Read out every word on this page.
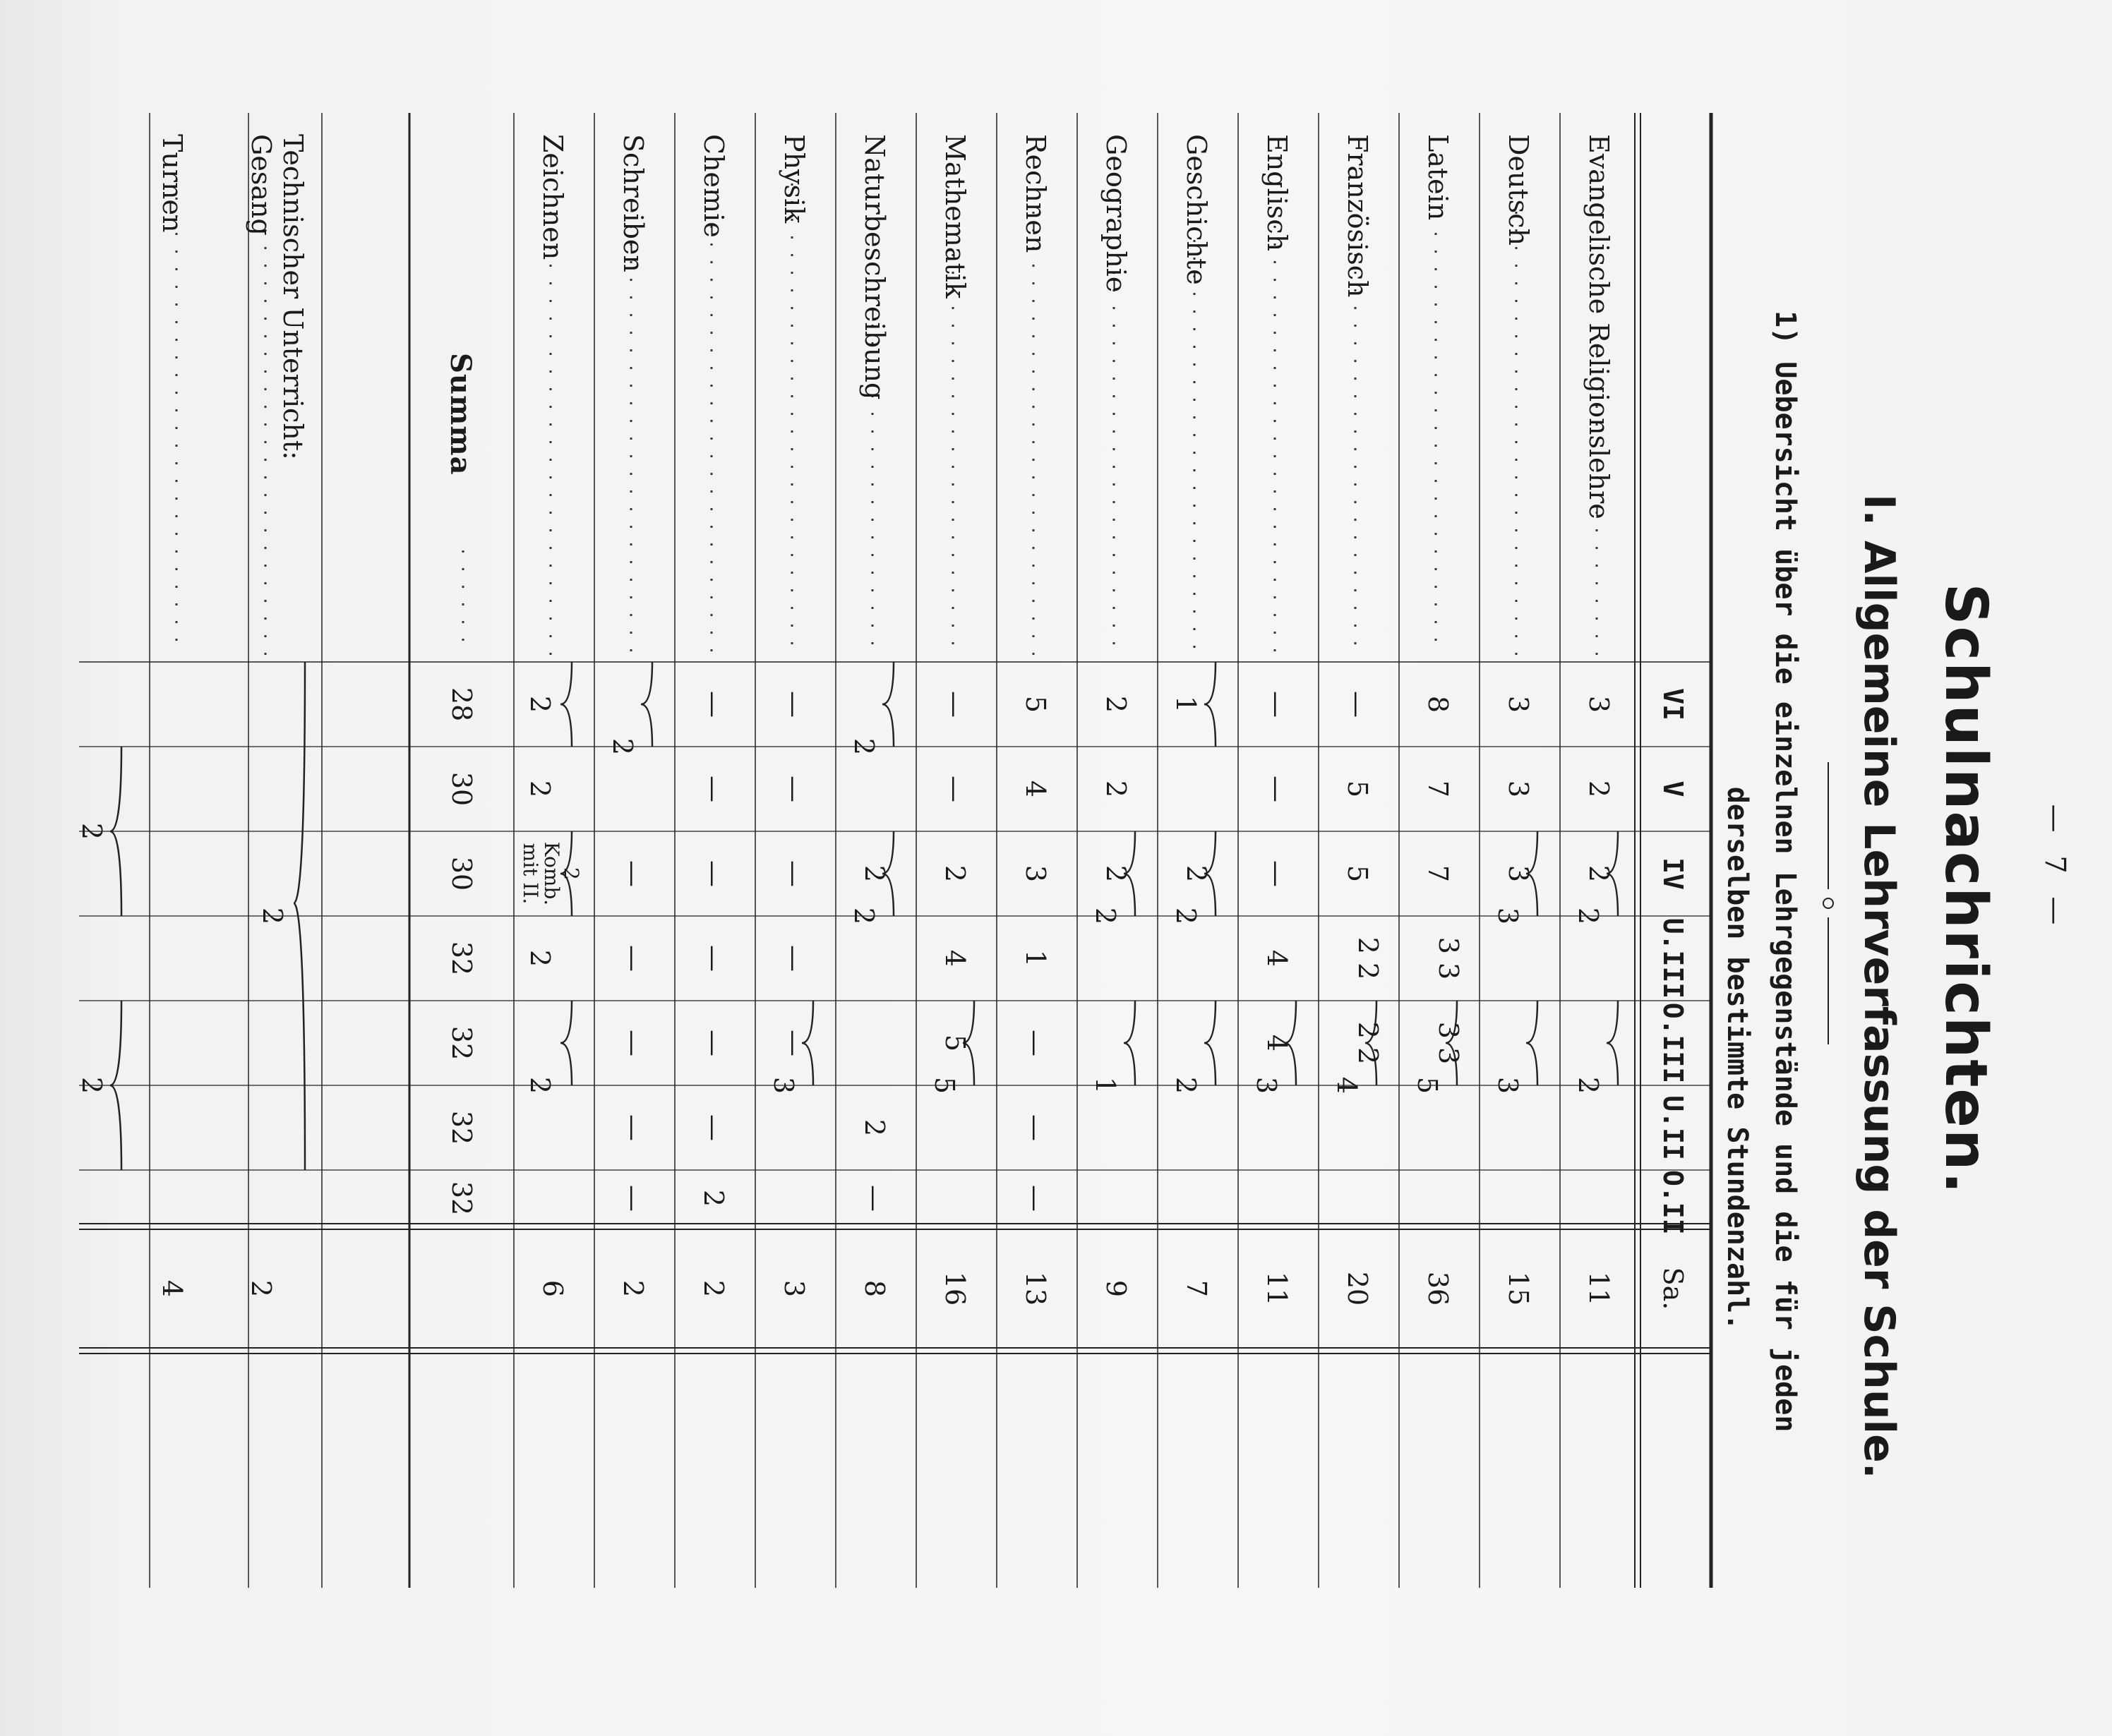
— 7 —
Schulnachrichten.
I. Allgemeine Lehrverfassung der Schule.
1) Uebersicht über die einzelnen Lehrgegenstände und die für jeden
derselben bestimmte Stundenzahl.
VI
V
IV
U.III
O.III
U.II
O.II
Sa.
Evangelische Religionslehre
Deutsch
Latein
Französisch
Englisch
Geschichte
Geographie
Rechnen
Mathematik
Naturbeschreibung
Physik
Chemie
Schreiben
Zeichnen
3
2
2
2
2
11
3
3
3
3
3
15
8
7
7
3 3
3 3
5
36
—
5
5
2 2
2 2
4
20
—
—
—
4
4
3
11
1
2
2
2
7
2
2
2
2
1
9
5
4
3
1
—
—
—
13
—
—
2
4
5
5
16
2
2
2
2
—
8
—
—
—
—
—
3
3
—
—
—
—
—
—
2
2
2
—
—
—
—
—
2
2
2
2
Komb. mit II.
2
2
6
Summa
28
30
30
32
32
32
32
Technischer Unterricht:
Gesang
2
2
Turnen
2
2
4
